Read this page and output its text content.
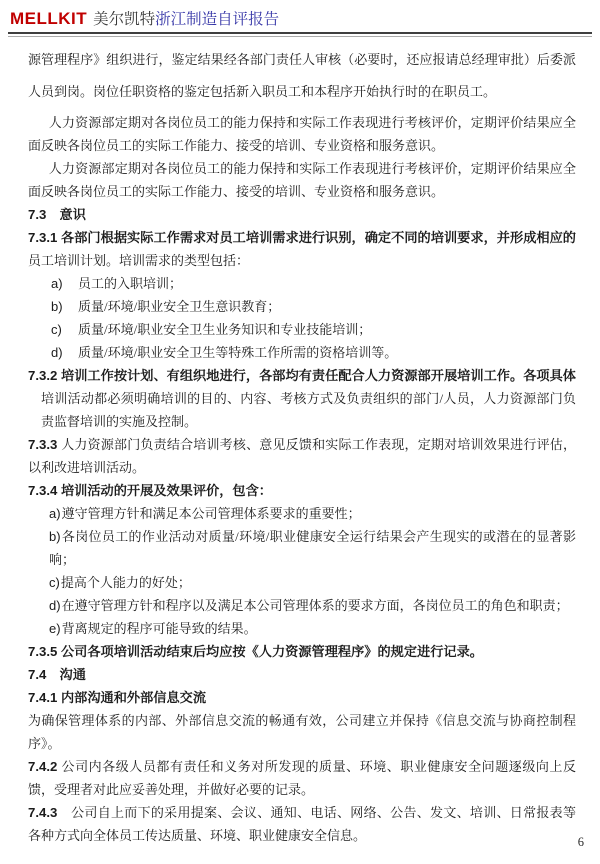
MELLKIT 美尔凯特浙江制造自评报告

源管理程序》组织进行，鉴定结果经各部门责任人审核（必要时，还应报请总经理审批）后委派人员到岗。岗位任职资格的鉴定包括新入职员工和本程序开始执行时的在职员工。

人力资源部定期对各岗位员工的能力保持和实际工作表现进行考核评价，定期评价结果应全面反映各岗位员工的实际工作能力、接受的培训、专业资格和服务意识。

人力资源部定期对各岗位员工的能力保持和实际工作表现进行考核评价，定期评价结果应全面反映各岗位员工的实际工作能力、接受的培训、专业资格和服务意识。

7.3　意识

7.3.1 各部门根据实际工作需求对员工培训需求进行识别，确定不同的培训要求，并形成相应的员工培训计划。培训需求的类型包括：

a) 员工的入职培训；

b) 质量/环境/职业安全卫生意识教育；

c) 质量/环境/职业安全卫生业务知识和专业技能培训；

d) 质量/环境/职业安全卫生等特殊工作所需的资格培训等。

7.3.2 培训工作按计划、有组织地进行，各部均有责任配合人力资源部开展培训工作。各项具体培训活动都必须明确培训的目的、内容、考核方式及负责组织的部门/人员，人力资源部门负责监督培训的实施及控制。

7.3.3 人力资源部门负责结合培训考核、意见反馈和实际工作表现，定期对培训效果进行评估，以利改进培训活动。

7.3.4 培训活动的开展及效果评价，包含：

a)遵守管理方针和满足本公司管理体系要求的重要性；

b)各岗位员工的作业活动对质量/环境/职业健康安全运行结果会产生现实的或潜在的显著影响；

c)提高个人能力的好处；

d)在遵守管理方针和程序以及满足本公司管理体系的要求方面，各岗位员工的角色和职责；

e)背离规定的程序可能导致的结果。

7.3.5 公司各项培训活动结束后均应按《人力资源管理程序》的规定进行记录。

7.4　沟通

7.4.1 内部沟通和外部信息交流

为确保管理体系的内部、外部信息交流的畅通有效，公司建立并保持《信息交流与协商控制程序》。

7.4.2 公司内各级人员都有责任和义务对所发现的质量、环境、职业健康安全问题逐级向上反馈，受理者对此应妥善处理，并做好必要的记录。

7.4.3　公司自上而下的采用提案、会议、通知、电话、网络、公告、发文、培训、日常报表等各种方式向全体员工传达质量、环境、职业健康安全信息。	6
